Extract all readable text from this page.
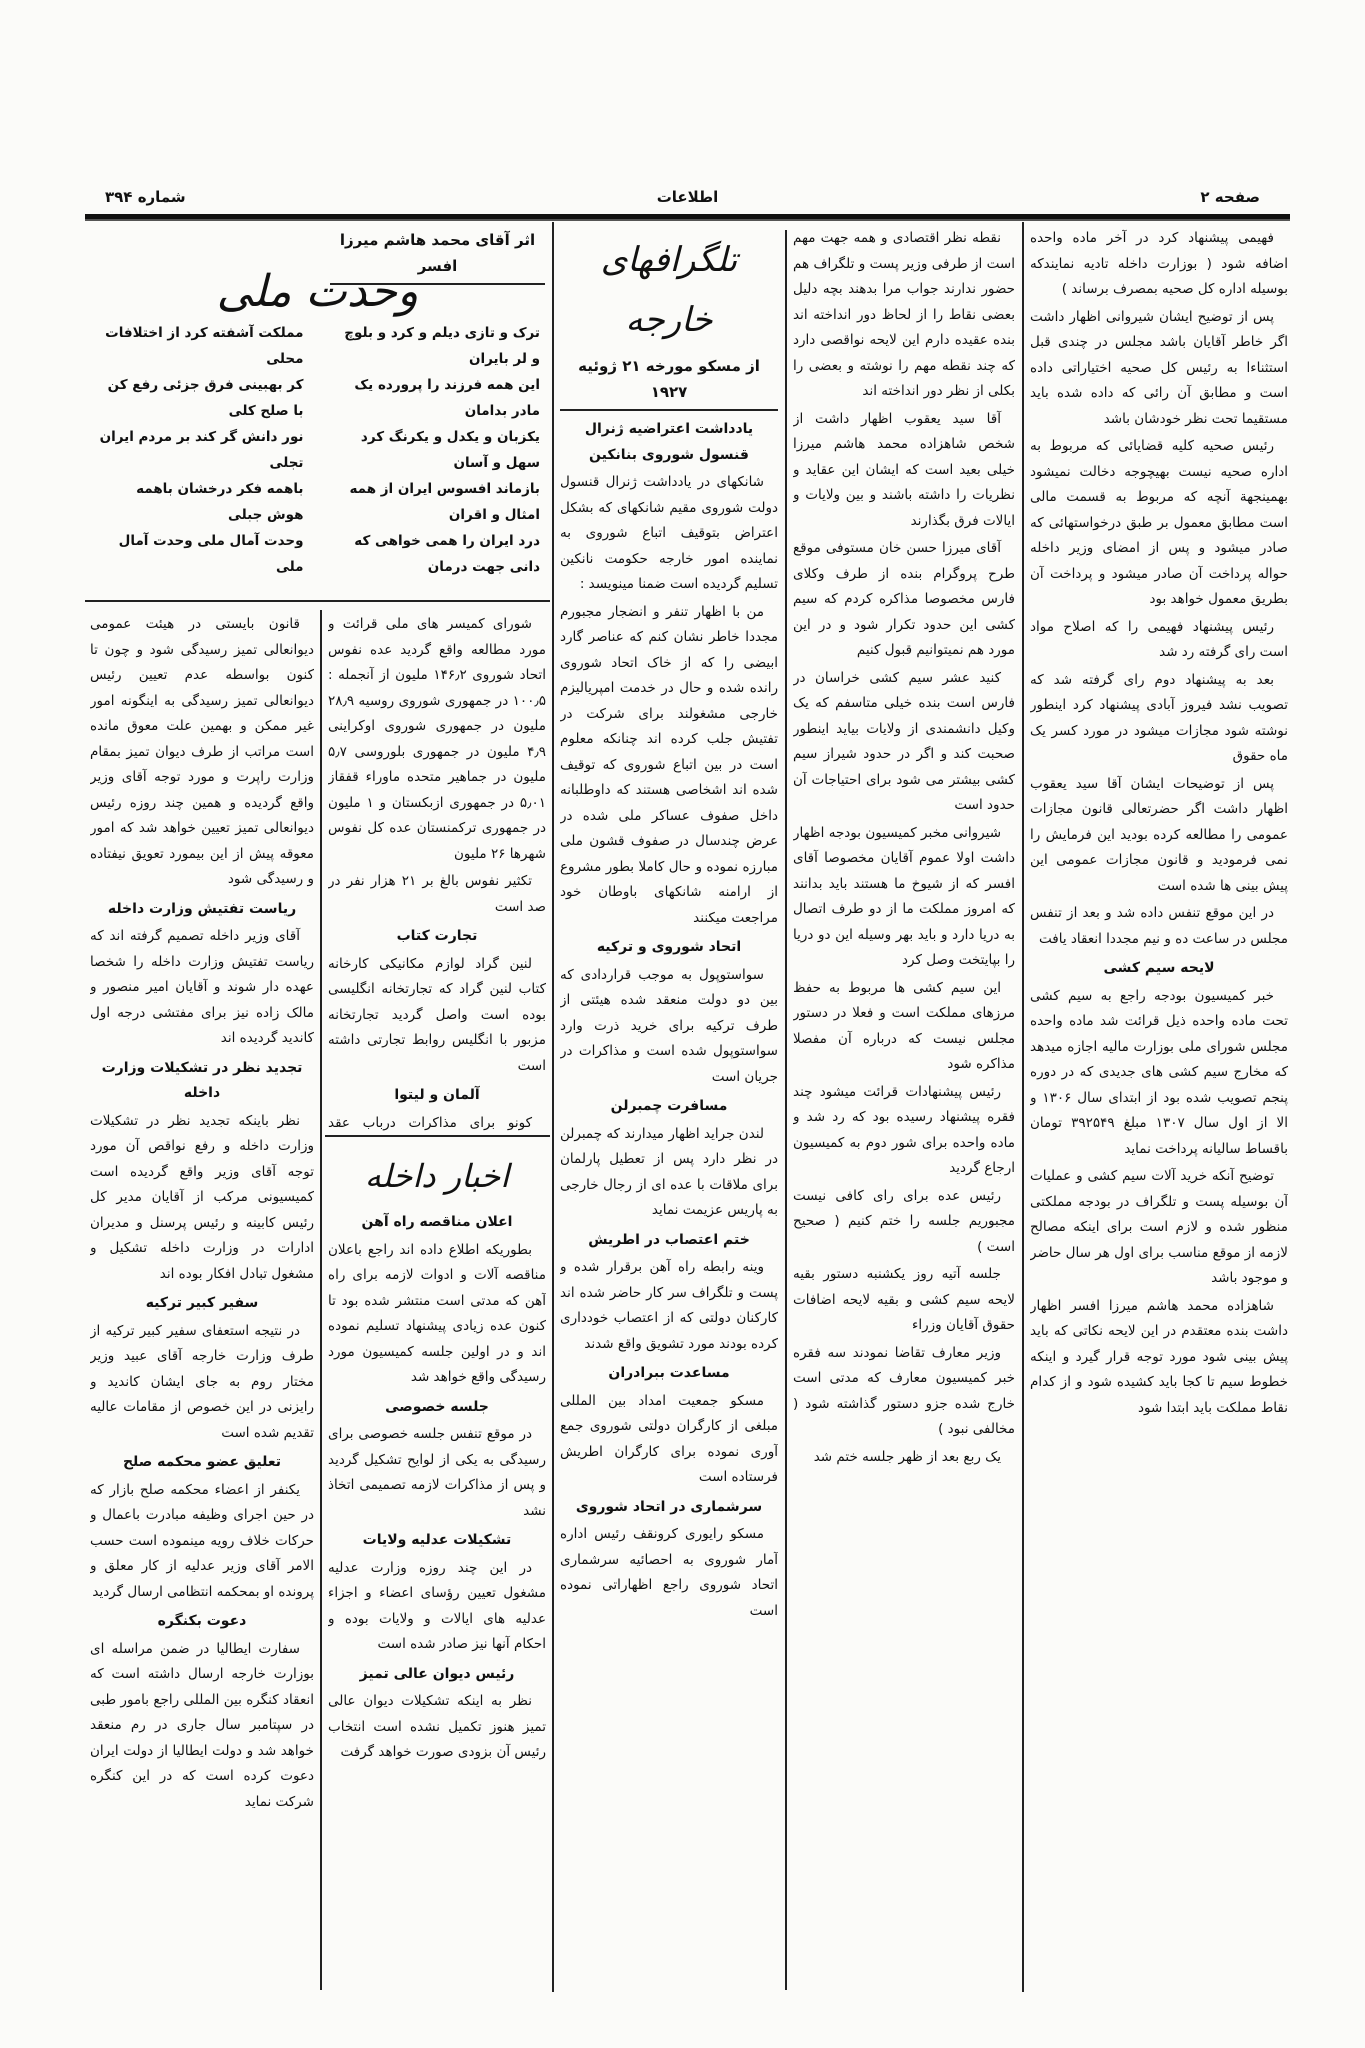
صفحه ۲
اطلاعات
شماره ۳۹۴
اثر آقای محمد هاشم میرزا افسر
وحدت ملی
ترک و تازی دیلم و کرد و بلوچ و لر بایران
مملکت آشفته کرد از اختلافات محلی
این همه فرزند را پرورده یک مادر بدامان
کر بهبینی فرق جزئی رفع کن با صلح کلی
یکزبان و یکدل و یکرنگ کرد سهل و آسان
نور دانش گر کند بر مردم ایران تجلی
بازماند افسوس ایران از همه امثال و اقران
باهمه فکر درخشان باهمه هوش جبلی
درد ایران را همی خواهی که دانی جهت درمان
وحدت آمال ملی وحدت آمال ملی

فهیمی پیشنهاد کرد در آخر ماده واحده اضافه شود ( بوزارت داخله تادیه نمایندکه بوسیله اداره کل صحیه بمصرف برساند )

پس از توضیح ایشان شیروانی اظهار داشت اگر خاطر آقایان باشد مجلس در چندی قبل استثناءا به رئیس کل صحیه اختیاراتی داده است و مطابق آن رائی که داده شده باید مستقیما تحت نظر خودشان باشد

رئیس صحیه کلیه قضایائی که مربوط به اداره صحیه نیست بهیچوجه دخالت نمیشود بهمینجهة آنچه که مربوط به قسمت مالی است مطابق معمول بر طبق درخواستهائی که صادر میشود و پس از امضای وزیر داخله حواله پرداخت آن صادر میشود و پرداخت آن بطریق معمول خواهد بود

رئیس پیشنهاد فهیمی را که اصلاح مواد است رای گرفته رد شد

بعد به پیشنهاد دوم رای گرفته شد که تصویب نشد فیروز آبادی پیشنهاد کرد اینطور نوشته شود مجازات میشود در مورد کسر یک ماه حقوق

پس از توضیحات ایشان آقا سید یعقوب اظهار داشت اگر حضرتعالی قانون مجازات عمومی را مطالعه کرده بودید این فرمایش را نمی فرمودید و قانون مجازات عمومی این پیش بینی ها شده است

در این موقع تنفس داده شد و بعد از تنفس مجلس در ساعت ده و نیم مجددا انعقاد یافت

لایحه سیم کشی

خبر کمیسیون بودجه راجع به سیم کشی تحت ماده واحده ذیل قرائت شد ماده واحده مجلس شورای ملی بوزارت مالیه اجازه میدهد که مخارج سیم کشی های جدیدی که در دوره پنجم تصویب شده بود از ابتدای سال ۱۳۰۶ و الا از اول سال ۱۳۰۷ مبلغ ۳۹۲۵۴۹ تومان باقساط سالیانه پرداخت نماید

توضیح آنکه خرید آلات سیم کشی و عملیات آن بوسیله پست و تلگراف در بودجه مملکتی منظور شده و لازم است برای اینکه مصالح لازمه از موقع مناسب برای اول هر سال حاضر و موجود باشد

شاهزاده محمد هاشم میرزا افسر اظهار داشت بنده معتقدم در این لایحه نکاتی که باید پیش بینی شود مورد توجه قرار گیرد و اینکه خطوط سیم تا کجا باید کشیده شود و از کدام نقاط مملکت باید ابتدا شود

نقطه نظر اقتصادی و همه جهت مهم است از طرفی وزیر پست و تلگراف هم حضور ندارند جواب مرا بدهند بچه دلیل بعضی نقاط را از لحاظ دور انداخته اند بنده عقیده دارم این لایحه نواقصی دارد که چند نقطه مهم را نوشته و بعضی را بکلی از نظر دور انداخته اند

آقا سید یعقوب اظهار داشت از شخص شاهزاده محمد هاشم میرزا خیلی بعید است که ایشان این عقاید و نظریات را داشته باشند و بین ولایات و ایالات فرق بگذارند

آقای میرزا حسن خان مستوفی موقع طرح پروگرام بنده از طرف وکلای فارس مخصوصا مذاکره کردم که سیم کشی این حدود تکرار شود و در این مورد هم نمیتوانیم قبول کنیم

کنید عشر سیم کشی خراسان در فارس است بنده خیلی متاسفم که یک وکیل دانشمندی از ولایات بیاید اینطور صحبت کند و اگر در حدود شیراز سیم کشی بیشتر می شود برای احتیاجات آن حدود است

شیروانی مخبر کمیسیون بودجه اظهار داشت اولا عموم آقایان مخصوصا آقای افسر که از شیوخ ما هستند باید بدانند که امروز مملکت ما از دو طرف اتصال به دریا دارد و باید بهر وسیله این دو دریا را بپایتخت وصل کرد

این سیم کشی ها مربوط به حفظ مرزهای مملکت است و فعلا در دستور مجلس نیست که درباره آن مفصلا مذاکره شود

رئیس پیشنهادات قرائت میشود چند فقره پیشنهاد رسیده بود که رد شد و ماده واحده برای شور دوم به کمیسیون ارجاع گردید

رئیس عده برای رای کافی نیست مجبوریم جلسه را ختم کنیم ( صحیح است )

جلسه آتیه روز یکشنبه دستور بقیه لایحه سیم کشی و بقیه لایحه اضافات حقوق آقایان وزراء

وزیر معارف تقاضا نمودند سه فقره خبر کمیسیون معارف که مدتی است خارج شده جزو دستور گذاشته شود ( مخالفی نبود )

یک ربع بعد از ظهر جلسه ختم شد

تلگرافهای خارجه
از مسکو مورخه ۲۱ ژوئیه ۱۹۲۷
یادداشت اعتراضیه ژنرال قنسول شوروی بنانکین

شانکهای در یادداشت ژنرال قنسول دولت شوروی مقیم شانکهای که بشکل اعتراض بتوقیف اتباع شوروی به نماینده امور خارجه حکومت نانکین تسلیم گردیده است ضمنا مینویسد :

من با اظهار تنفر و انضجار مجبورم مجددا خاطر نشان کنم که عناصر گارد ابیضی را که از خاک اتحاد شوروی رانده شده و حال در خدمت امپریالیزم خارجی مشغولند برای شرکت در تفتیش جلب کرده اند چنانکه معلوم است در بین اتباع شوروی که توقیف شده اند اشخاصی هستند که داوطلبانه داخل صفوف عساکر ملی شده در عرض چندسال در صفوف قشون ملی مبارزه نموده و حال کاملا بطور مشروع از ارامنه شانکهای باوطان خود مراجعت میکنند

اتحاد شوروی و ترکیه

سواستوپول به موجب قراردادی که بین دو دولت منعقد شده هیئتی از طرف ترکیه برای خرید ذرت وارد سواستوپول شده است و مذاکرات در جریان است

مسافرت چمبرلن

لندن جراید اظهار میدارند که چمبرلن در نظر دارد پس از تعطیل پارلمان برای ملاقات با عده ای از رجال خارجی به پاریس عزیمت نماید

ختم اعتصاب در اطریش

وینه رابطه راه آهن برقرار شده و پست و تلگراف سر کار حاضر شده اند کارکنان دولتی که از اعتصاب خودداری کرده بودند مورد تشویق واقع شدند

مساعدت ببرادران

مسکو جمعیت امداد بین المللی مبلغی از کارگران دولتی شوروی جمع آوری نموده برای کارگران اطریش فرستاده است

سرشماری در اتحاد شوروی

مسکو رایوری کرونقف رئیس اداره آمار شوروی به احصائیه سرشماری اتحاد شوروی راجع اظهاراتی نموده است

شورای کمیسر های ملی قرائت و مورد مطالعه واقع گردید عده نفوس اتحاد شوروی ۱۴۶٫۲ ملیون از آنجمله : ۱۰۰٫۵ در جمهوری شوروی روسیه ۲۸٫۹ ملیون در جمهوری شوروی اوکراینی ۴٫۹ ملیون در جمهوری بلوروسی ۵٫۷ ملیون در جماهیر متحده ماوراء قفقاز ۵٫۰۱ در جمهوری ازبکستان و ۱ ملیون در جمهوری ترکمنستان عده کل نفوس شهرها ۲۶ ملیون

تکثیر نفوس بالغ بر ۲۱ هزار نفر در صد است

تجارت کتاب

لنین گراد لوازم مکانیکی کارخانه کتاب لنین گراد که تجارتخانه انگلیسی بوده است واصل گردید تجارتخانه مزبور با انگلیس روابط تجارتی داشته است

آلمان و لیتوا

کونو برای مذاکرات درباب عقد

اخبار داخله
اعلان مناقصه راه آهن

بطوریکه اطلاع داده اند راجع باعلان مناقصه آلات و ادوات لازمه برای راه آهن که مدتی است منتشر شده بود تا کنون عده زیادی پیشنهاد تسلیم نموده اند و در اولین جلسه کمیسیون مورد رسیدگی واقع خواهد شد

جلسه خصوصی

در موقع تنفس جلسه خصوصی برای رسیدگی به یکی از لوایح تشکیل گردید و پس از مذاکرات لازمه تصمیمی اتخاذ نشد

تشکیلات عدلیه ولایات

در این چند روزه وزارت عدلیه مشغول تعیین رؤسای اعضاء و اجزاء عدلیه های ایالات و ولایات بوده و احکام آنها نیز صادر شده است

رئیس دیوان عالی تمیز

نظر به اینکه تشکیلات دیوان عالی تمیز هنوز تکمیل نشده است انتخاب رئیس آن بزودی صورت خواهد گرفت

قانون بایستی در هیئت عمومی دیوانعالی تمیز رسیدگی شود و چون تا کنون بواسطه عدم تعیین رئیس دیوانعالی تمیز رسیدگی به اینگونه امور غیر ممکن و بهمین علت معوق مانده است مراتب از طرف دیوان تمیز بمقام وزارت راپرت و مورد توجه آقای وزیر واقع گردیده و همین چند روزه رئیس دیوانعالی تمیز تعیین خواهد شد که امور معوقه پیش از این بیمورد تعویق نیفتاده و رسیدگی شود

ریاست تفتیش وزارت داخله

آقای وزیر داخله تصمیم گرفته اند که ریاست تفتیش وزارت داخله را شخصا عهده دار شوند و آقایان امیر منصور و مالک زاده نیز برای مفتشی درجه اول کاندید گردیده اند

تجدید نظر در تشکیلات وزارت داخله

نظر باینکه تجدید نظر در تشکیلات وزارت داخله و رفع نواقص آن مورد توجه آقای وزیر واقع گردیده است کمیسیونی مرکب از آقایان مدیر کل رئیس کابینه و رئیس پرسنل و مدیران ادارات در وزارت داخله تشکیل و مشغول تبادل افکار بوده اند

سفیر کبیر ترکیه

در نتیجه استعفای سفیر کبیر ترکیه از طرف وزارت خارجه آقای عبید وزیر مختار روم به جای ایشان کاندید و رایزنی در این خصوص از مقامات عالیه تقدیم شده است

تعلیق عضو محکمه صلح

یکنفر از اعضاء محکمه صلح بازار که در حین اجرای وظیفه مبادرت باعمال و حرکات خلاف رویه مینموده است حسب الامر آقای وزیر عدلیه از کار معلق و پرونده او بمحکمه انتظامی ارسال گردید

دعوت بکنگره

سفارت ایطالیا در ضمن مراسله ای بوزارت خارجه ارسال داشته است که انعقاد کنگره بین المللی راجع بامور طبی در سپتامبر سال جاری در رم منعقد خواهد شد و دولت ایطالیا از دولت ایران دعوت کرده است که در این کنگره شرکت نماید
